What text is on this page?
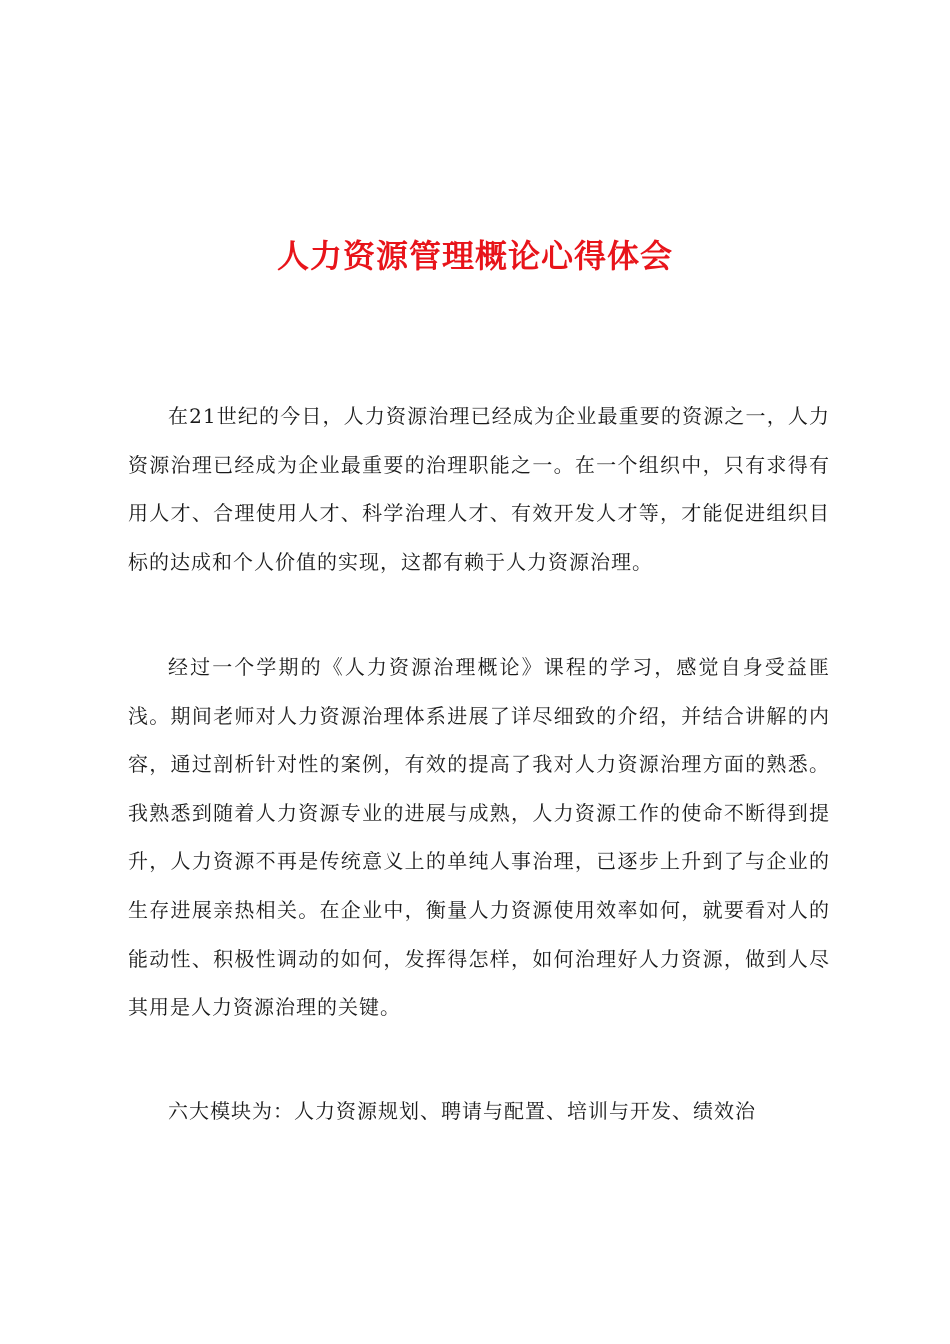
人力资源管理概论心得体会

在21世纪的今日，人力资源治理已经成为企业最重要的资源之一，人力资源治理已经成为企业最重要的治理职能之一。在一个组织中，只有求得有用人才、合理使用人才、科学治理人才、有效开发人才等，才能促进组织目标的达成和个人价值的实现，这都有赖于人力资源治理。

经过一个学期的《人力资源治理概论》课程的学习，感觉自身受益匪浅。期间老师对人力资源治理体系进展了详尽细致的介绍，并结合讲解的内容，通过剖析针对性的案例，有效的提高了我对人力资源治理方面的熟悉。我熟悉到随着人力资源专业的进展与成熟，人力资源工作的使命不断得到提升，人力资源不再是传统意义上的单纯人事治理，已逐步上升到了与企业的生存进展亲热相关。在企业中，衡量人力资源使用效率如何，就要看对人的能动性、积极性调动的如何，发挥得怎样，如何治理好人力资源，做到人尽其用是人力资源治理的关键。

六大模块为：人力资源规划、聘请与配置、培训与开发、绩效治
